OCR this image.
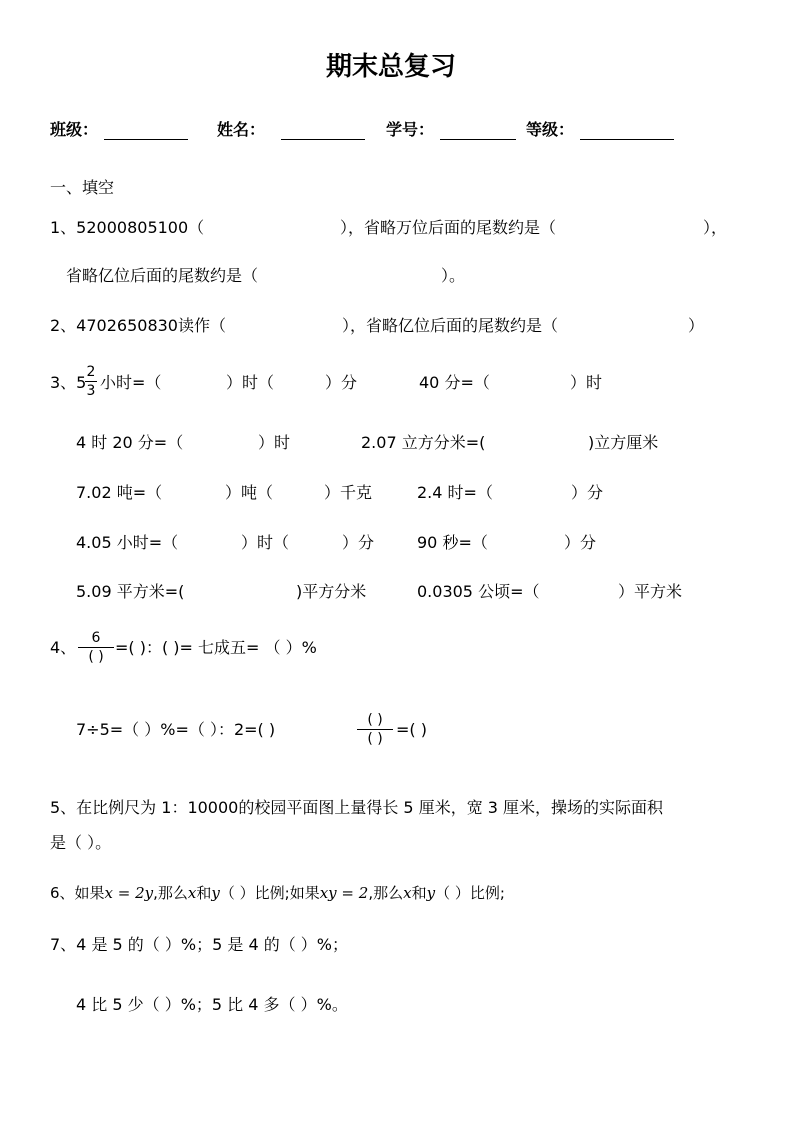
期末总复习
班级：	姓名：	学号：	等级：
一、填空
1、52000805100（	），省略万位后面的尾数约是（	），
省略亿位后面的尾数约是（	）。
2、4702650830读作（	），省略亿位后面的尾数约是（	）
3、5
2
3 小时=（	）时（	）分	40 分=（	）时
4 时 20 分=（	）时	2.07 立方分米=(	)立方厘米
7.02 吨=（	）吨（	）千克	2.4 时=（	）分
4.05 小时=（	）时（	）分	90 秒=（	）分
5.09 平方米=(	)平方分米	0.0305 公顷=（	）平方米
4、	6
( ) =( )：( )= 七成五= （ ）%
7÷5=（ ）%=（ ）：2=( )	( )
( ) =( )
5、在比例尺为 1：10000的校园平面图上量得长 5 厘米，宽 3 厘米，操场的实际面积
是（ ）。
6、如果x = 2y,那么x和y（ ）比例;如果xy = 2,那么x和y（ ）比例;
7、4 是 5 的（ ）%；5 是 4 的（ ）%；
4 比 5 少（ ）%；5 比 4 多（ ）%。
